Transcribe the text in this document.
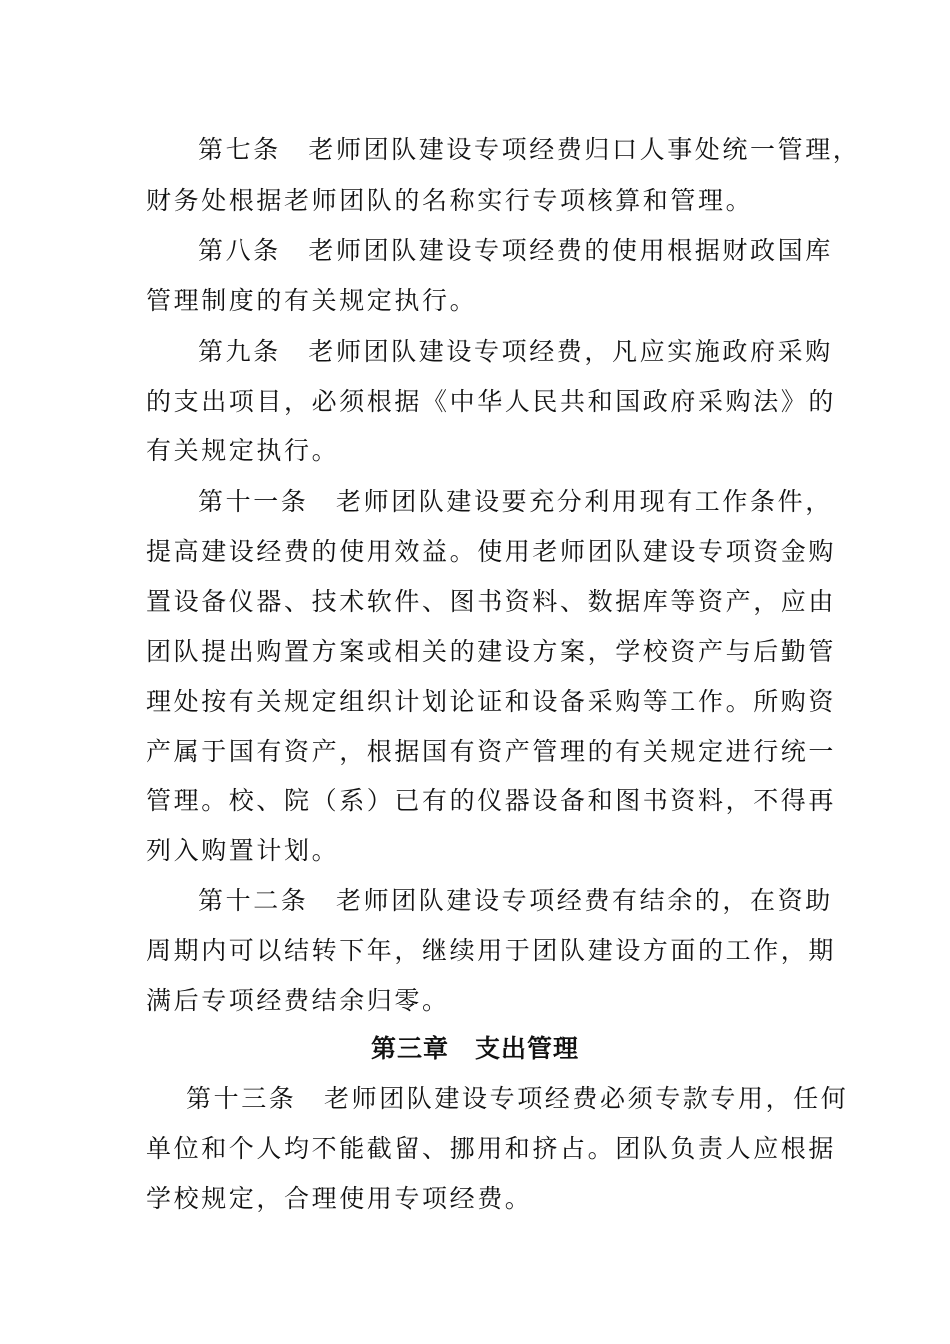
第七条　老师团队建设专项经费归口人事处统一管理，
财务处根据老师团队的名称实行专项核算和管理。
第八条　老师团队建设专项经费的使用根据财政国库
管理制度的有关规定执行。
第九条　老师团队建设专项经费，凡应实施政府采购
的支出项目，必须根据《中华人民共和国政府采购法》的
有关规定执行。
第十一条　老师团队建设要充分利用现有工作条件，
提高建设经费的使用效益。使用老师团队建设专项资金购
置设备仪器、技术软件、图书资料、数据库等资产，应由
团队提出购置方案或相关的建设方案，学校资产与后勤管
理处按有关规定组织计划论证和设备采购等工作。所购资
产属于国有资产，根据国有资产管理的有关规定进行统一
管理。校、院（系）已有的仪器设备和图书资料，不得再
列入购置计划。
第十二条　老师团队建设专项经费有结余的，在资助
周期内可以结转下年，继续用于团队建设方面的工作，期
满后专项经费结余归零。
第三章　支出管理
第十三条　老师团队建设专项经费必须专款专用，任何
单位和个人均不能截留、挪用和挤占。团队负责人应根据
学校规定，合理使用专项经费。
